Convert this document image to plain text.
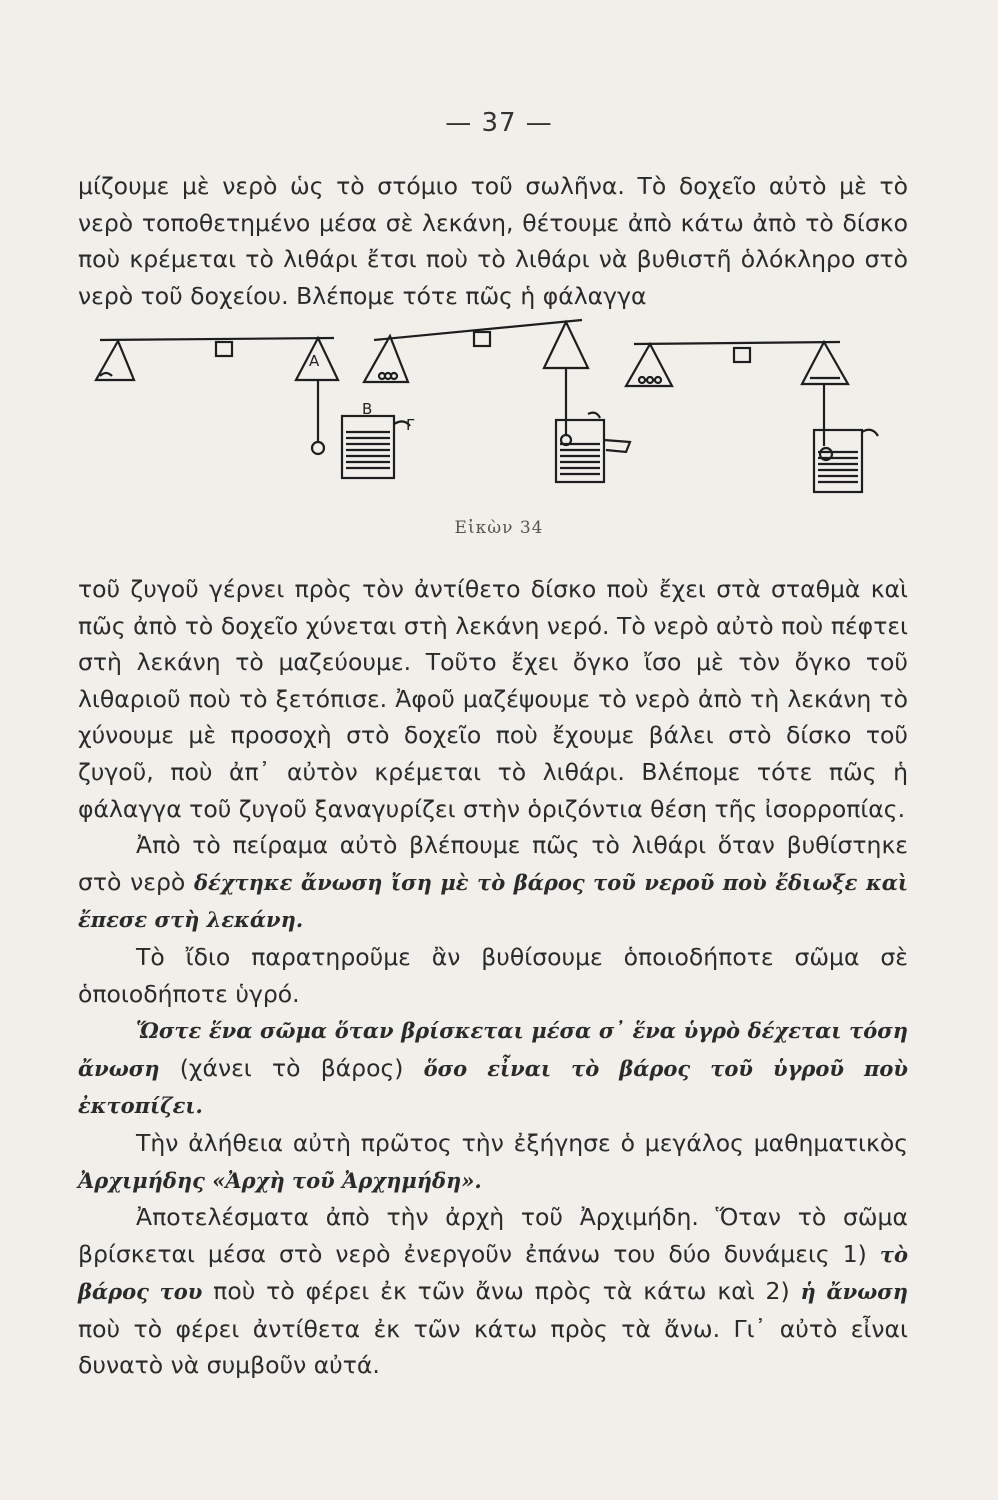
— 37 —

μίζουμε μὲ νερὸ ὡς τὸ στόμιο τοῦ σωλῆνα. Τὸ δοχεῖο αὐτὸ μὲ τὸ νερὸ τοποθετημένο μέσα σὲ λεκάνη, θέτουμε ἀπὸ κάτω ἀπὸ τὸ δίσκο ποὺ κρέμεται τὸ λιθάρι ἔτσι ποὺ τὸ λιθάρι νὰ βυθιστῆ ὁλόκληρο στὸ νερὸ τοῦ δοχείου. Βλέπομε τότε πῶς ἡ φάλαγγα

Α
Β
Γ
Εἰκὼν 34

τοῦ ζυγοῦ γέρνει πρὸς τὸν ἀντίθετο δίσκο ποὺ ἔχει στὰ σταθμὰ καὶ πῶς ἀπὸ τὸ δοχεῖο χύνεται στὴ λεκάνη νερό. Τὸ νερὸ αὐτὸ ποὺ πέφτει στὴ λεκάνη τὸ μαζεύουμε. Τοῦτο ἔχει ὄγκο ἴσο μὲ τὸν ὄγκο τοῦ λιθαριοῦ ποὺ τὸ ξετόπισε. Ἀφοῦ μαζέψουμε τὸ νερὸ ἀπὸ τὴ λεκάνη τὸ χύνουμε μὲ προσοχὴ στὸ δοχεῖο ποὺ ἔχουμε βάλει στὸ δίσκο τοῦ ζυγοῦ, ποὺ ἀπ᾽ αὐτὸν κρέμεται τὸ λιθάρι. Βλέπομε τότε πῶς ἡ φάλαγγα τοῦ ζυγοῦ ξαναγυρίζει στὴν ὁριζόντια θέση τῆς ἰσορροπίας.

Ἀπὸ τὸ πείραμα αὐτὸ βλέπουμε πῶς τὸ λιθάρι ὅταν βυθίστηκε στὸ νερὸ δέχτηκε ἄνωση ἴση μὲ τὸ βάρος τοῦ νεροῦ ποὺ ἔδιωξε καὶ ἔπεσε στὴ λεκάνη.

Τὸ ἴδιο παρατηροῦμε ἂν βυθίσουμε ὁποιοδήποτε σῶμα σὲ ὁποιοδήποτε ὑγρό.

Ὥστε ἕνα σῶμα ὅταν βρίσκεται μέσα σ᾽ ἕνα ὑγρὸ δέχεται τόση ἄνωση (χάνει τὸ βάρος) ὅσο εἶναι τὸ βάρος τοῦ ὑγροῦ ποὺ ἐκτοπίζει.

Τὴν ἀλήθεια αὐτὴ πρῶτος τὴν ἐξήγησε ὁ μεγάλος μαθηματικὸς Ἀρχιμήδης «Ἀρχὴ τοῦ Ἀρχημήδη».

Ἀποτελέσματα ἀπὸ τὴν ἀρχὴ τοῦ Ἀρχιμήδη. Ὅταν τὸ σῶμα βρίσκεται μέσα στὸ νερὸ ἐνεργοῦν ἐπάνω του δύο δυνάμεις 1) τὸ βάρος του ποὺ τὸ φέρει ἐκ τῶν ἄνω πρὸς τὰ κάτω καὶ 2) ἡ ἄνωση ποὺ τὸ φέρει ἀντίθετα ἐκ τῶν κάτω πρὸς τὰ ἄνω. Γι᾽ αὐτὸ εἶναι δυνατὸ νὰ συμβοῦν αὐτά.
